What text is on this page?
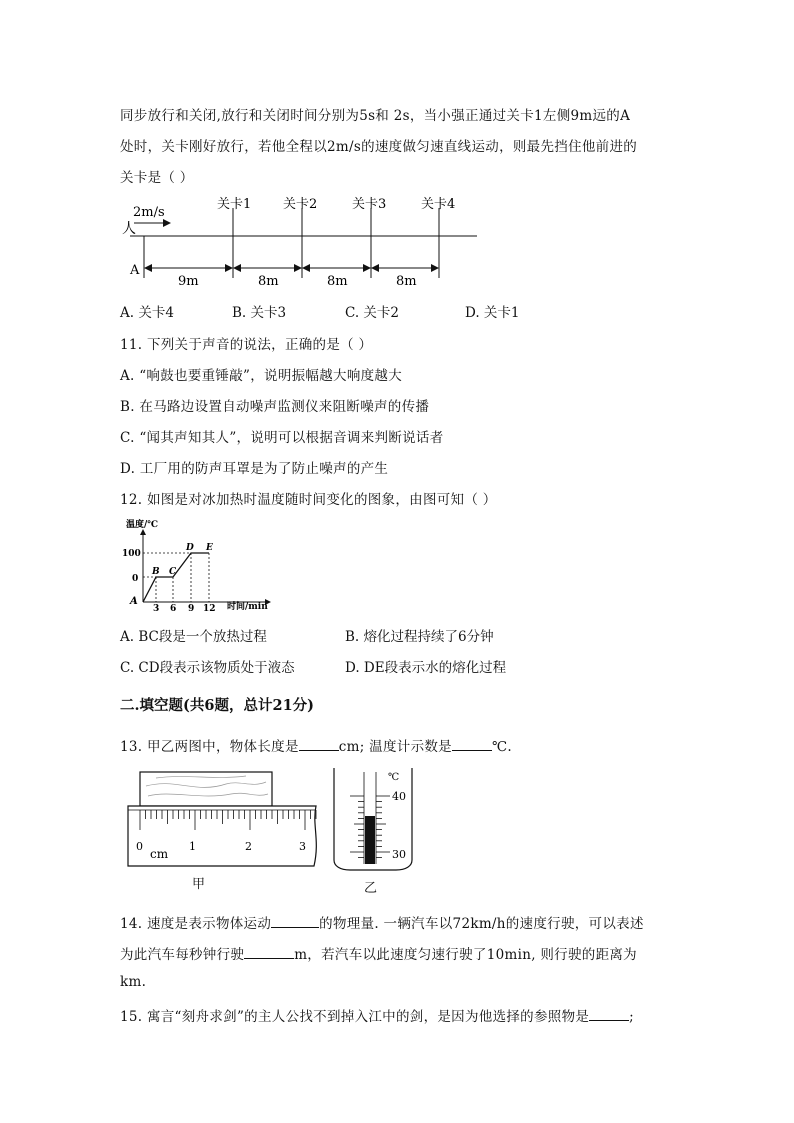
同步放行和关闭,放行和关闭时间分别为5s和 2s，当小强正通过关卡1左侧9m远的A
处时，关卡刚好放行，若他全程以2m/s的速度做匀速直线运动，则最先挡住他前进的
关卡是（ ）
2m/s
人
关卡1 关卡2	关卡3	关卡4
A
9m	8m	8m	8m
A. 关卡4	B. 关卡3	C. 关卡2	D. 关卡1
11. 下列关于声音的说法，正确的是（ ）
A. “响鼓也要重锤敲”，说明振幅越大响度越大
B. 在马路边设置自动噪声监测仪来阻断噪声的传播
C. “闻其声知其人”，说明可以根据音调来判断说话者
D. 工厂用的防声耳罩是为了防止噪声的产生
12. 如图是对冰加热时温度随时间变化的图象，由图可知（ ）
温度/℃
100
0
A
B C
D E
3 6 9 12 时间/min
A. BC段是一个放热过程	B. 熔化过程持续了6分钟
C. CD段表示该物质处于液态	D. DE段表示水的熔化过程
二.填空题(共6题，总计21分)
13. 甲乙两图中，物体长度是	cm; 温度计示数是	℃.
0
cm
1	2	3
甲
℃
40
30
乙
14. 速度是表示物体运动	的物理量. 一辆汽车以72km/h的速度行驶，可以表述
为此汽车每秒钟行驶	m，若汽车以此速度匀速行驶了10min, 则行驶的距离为
km.
15. 寓言“刻舟求剑”的主人公找不到掉入江中的剑，是因为他选择的参照物是	;
